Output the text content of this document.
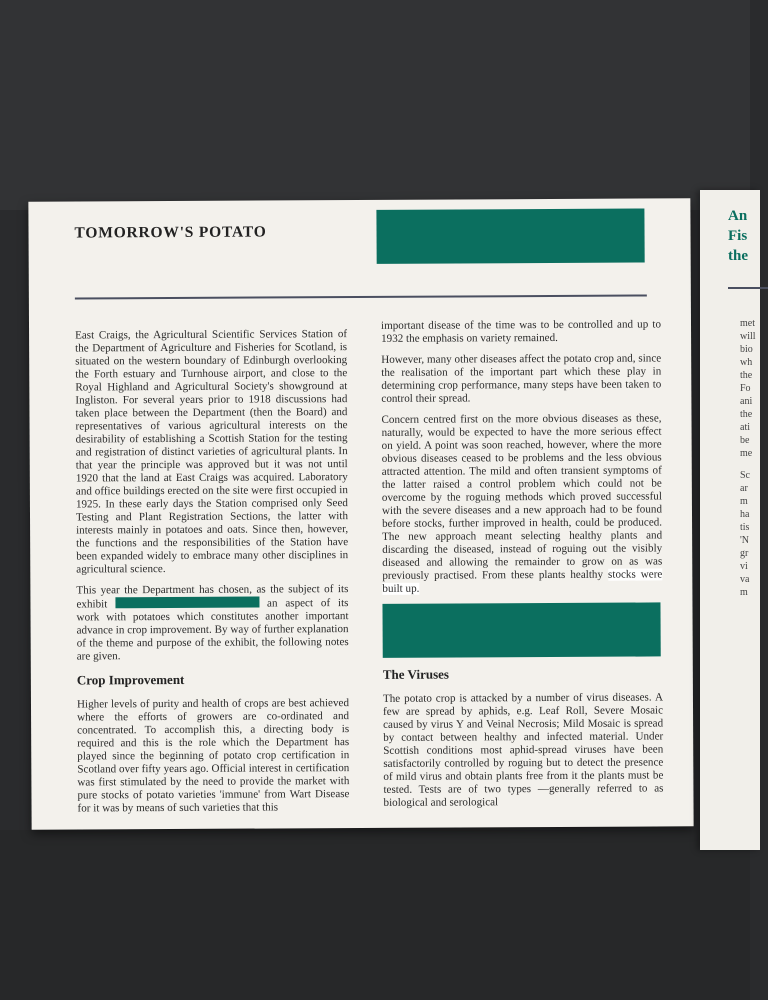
TOMORROW'S POTATO

East Craigs, the Agricultural Scientific Services Station of the Department of Agriculture and Fisheries for Scotland, is situated on the western boundary of Edinburgh overlooking the Forth estuary and Turnhouse airport, and close to the Royal Highland and Agricultural Society's showground at Ingliston. For several years prior to 1918 discussions had taken place between the Department (then the Board) and representatives of various agricultural interests on the desirability of establishing a Scottish Station for the testing and registration of distinct varieties of agricultural plants. In that year the principle was approved but it was not until 1920 that the land at East Craigs was acquired. Laboratory and office buildings erected on the site were first occupied in 1925. In these early days the Station comprised only Seed Testing and Plant Registration Sections, the latter with interests mainly in potatoes and oats. Since then, however, the functions and the responsibilities of the Station have been expanded widely to embrace many other disciplines in agricultural science.

This year the Department has chosen, as the subject of its exhibit	an aspect of its work with potatoes which constitutes another important advance in crop improvement. By way of further explanation of the theme and purpose of the exhibit, the following notes are given.

Crop Improvement

Higher levels of purity and health of crops are best achieved where the efforts of growers are co-ordinated and concentrated. To accomplish this, a directing body is required and this is the role which the Department has played since the beginning of potato crop certification in Scotland over fifty years ago. Official interest in certification was first stimulated by the need to provide the market with pure stocks of potato varieties 'immune' from Wart Disease for it was by means of such varieties that this

important disease of the time was to be controlled and up to 1932 the emphasis on variety remained.

However, many other diseases affect the potato crop and, since the realisation of the important part which these play in determining crop performance, many steps have been taken to control their spread.

Concern centred first on the more obvious diseases as these, naturally, would be expected to have the more serious effect on yield. A point was soon reached, however, where the more obvious diseases ceased to be problems and the less obvious attracted attention. The mild and often transient symptoms of the latter raised a control problem which could not be overcome by the roguing methods which proved successful with the severe diseases and a new approach had to be found before stocks, further improved in health, could be produced. The new approach meant selecting healthy plants and discarding the diseased, instead of roguing out the visibly diseased and allowing the remainder to grow on as was previously practised. From these plants healthy stocks were built up.

The Viruses

The potato crop is attacked by a number of virus diseases. A few are spread by aphids, e.g. Leaf Roll, Severe Mosaic caused by virus Y and Veinal Necrosis; Mild Mosaic is spread by contact between healthy and infected material. Under Scottish conditions most aphid-spread viruses have been satisfactorily controlled by roguing but to detect the presence of mild virus and obtain plants free from it the plants must be tested. Tests are of two types —generally referred to as biological and serological

An
Fis
the
met
will
bio
wh
the
Fo
ani
the
ati
be
me
Sc
ar
m
ha
tis
'N
gr
vi
va
m
